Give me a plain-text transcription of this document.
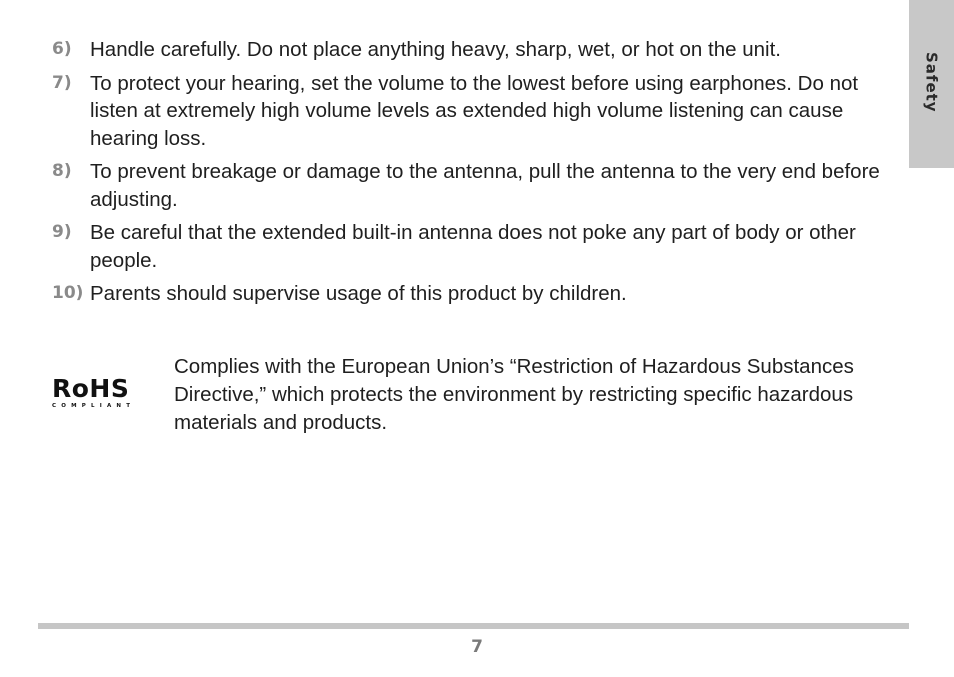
Safety
6) Handle carefully. Do not place anything heavy, sharp, wet, or hot on the unit.
7) To protect your hearing, set the volume to the lowest before using earphones. Do not listen at extremely high volume levels as extended high volume listening can cause hearing loss.
8) To prevent breakage or damage to the antenna, pull the antenna to the very end before adjusting.
9) Be careful that the extended built-in antenna does not poke any part of body or other people.
10) Parents should supervise usage of this product by children.
RoHS
COMPLIANT
Complies with the European Union’s “Restriction of Hazardous Substances Directive,” which protects the environment by restricting specific hazardous materials and products.
7
